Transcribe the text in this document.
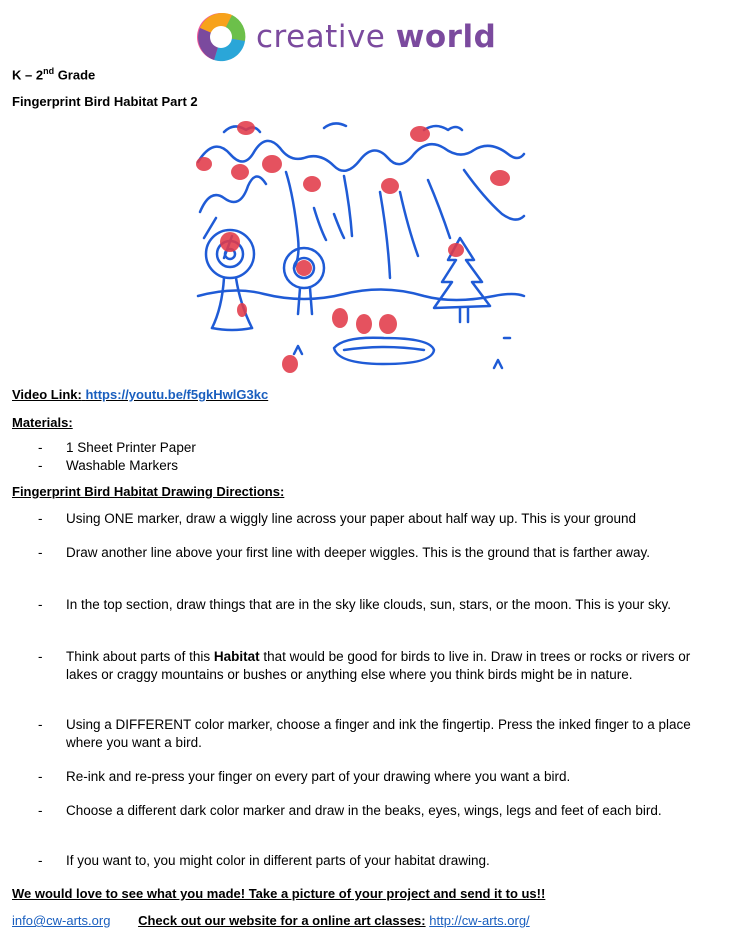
creative world
K – 2nd Grade
Fingerprint Bird Habitat Part 2
Video Link: https://youtu.be/f5gkHwlG3kc
Materials:
-	1 Sheet Printer Paper
-	Washable Markers
Fingerprint Bird Habitat Drawing Directions:
-	Using ONE marker, draw a wiggly line across your paper about half way up. This is your ground
-	Draw another line above your first line with deeper wiggles. This is the ground that is farther away.
-	In the top section, draw things that are in the sky like clouds, sun, stars, or the moon. This is your sky.
-	Think about parts of this Habitat that would be good for birds to live in. Draw in trees or rocks or rivers or lakes or craggy mountains or bushes or anything else where you think birds might be in nature.
-	Using a DIFFERENT color marker, choose a finger and ink the fingertip. Press the inked finger to a place where you want a bird.
-	Re-ink and re-press your finger on every part of your drawing where you want a bird.
-	Choose a different dark color marker and draw in the beaks, eyes, wings, legs and feet of each bird.
-	If you want to, you might color in different parts of your habitat drawing.
We would love to see what you made! Take a picture of your project and send it to us!!
info@cw-arts.org Check out our website for a online art classes: http://cw-arts.org/
